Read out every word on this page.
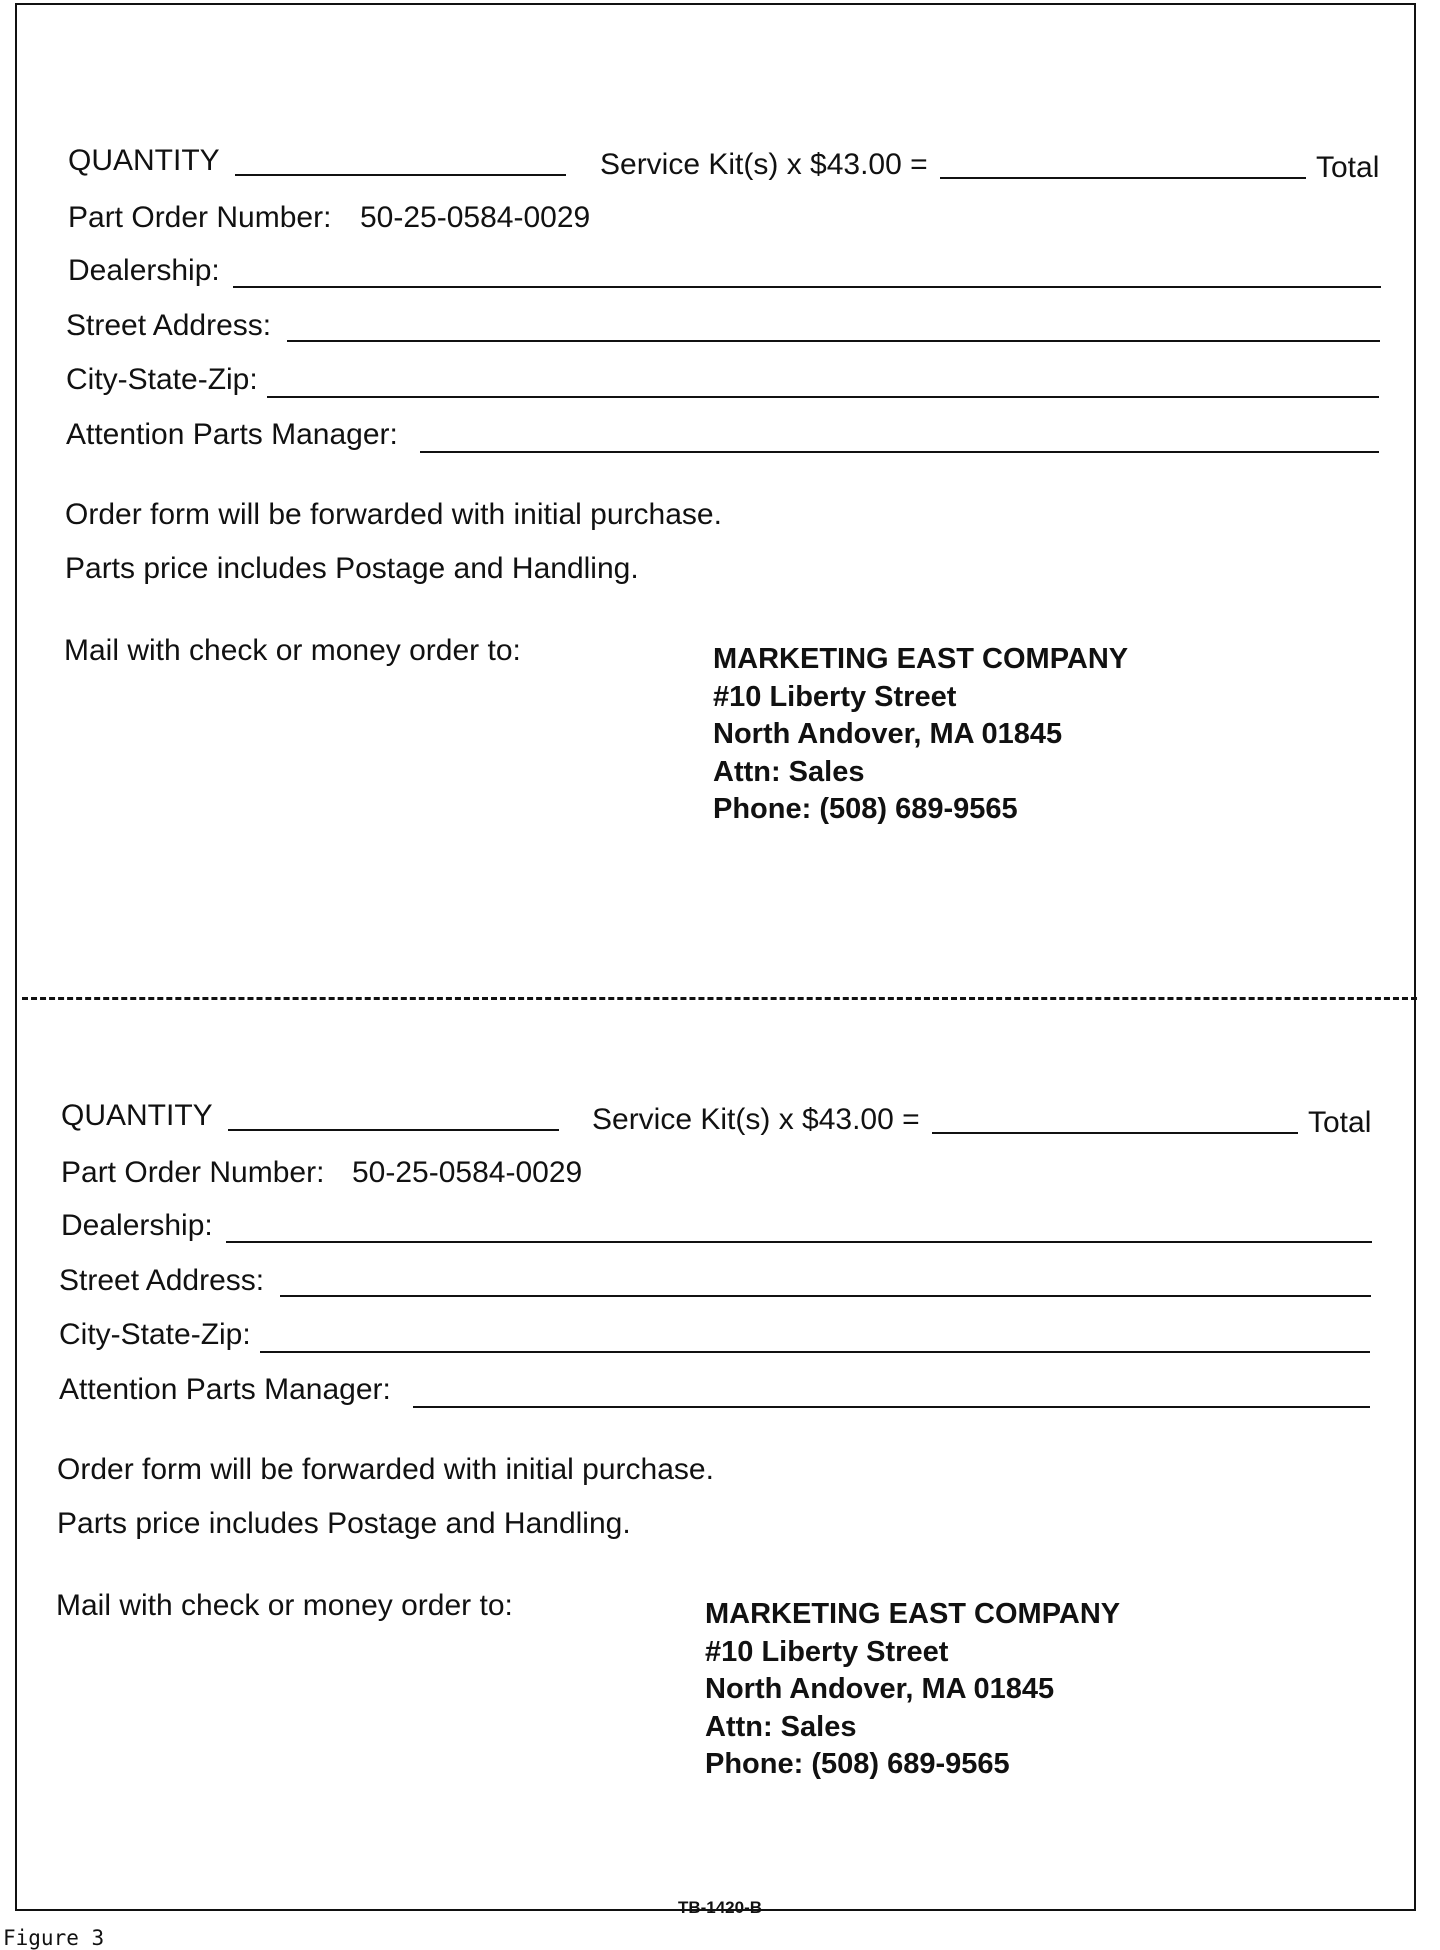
QUANTITY	Service Kit(s) x $43.00 =	Total
Part Order Number: 50-25-0584-0029
Dealership:
Street Address:
City-State-Zip:
Attention Parts Manager:
Order form will be forwarded with initial purchase.
Parts price includes Postage and Handling.
Mail with check or money order to:	MARKETING EAST COMPANY
#10 Liberty Street
North Andover, MA 01845
Attn: Sales
Phone: (508) 689-9565
QUANTITY	Service Kit(s) x $43.00 =	Total
Part Order Number: 50-25-0584-0029
Dealership:
Street Address:
City-State-Zip:
Attention Parts Manager:
Order form will be forwarded with initial purchase.
Parts price includes Postage and Handling.
Mail with check or money order to:	MARKETING EAST COMPANY
#10 Liberty Street
North Andover, MA 01845
Attn: Sales
Phone: (508) 689-9565
TB-1420-B
Figure 3
